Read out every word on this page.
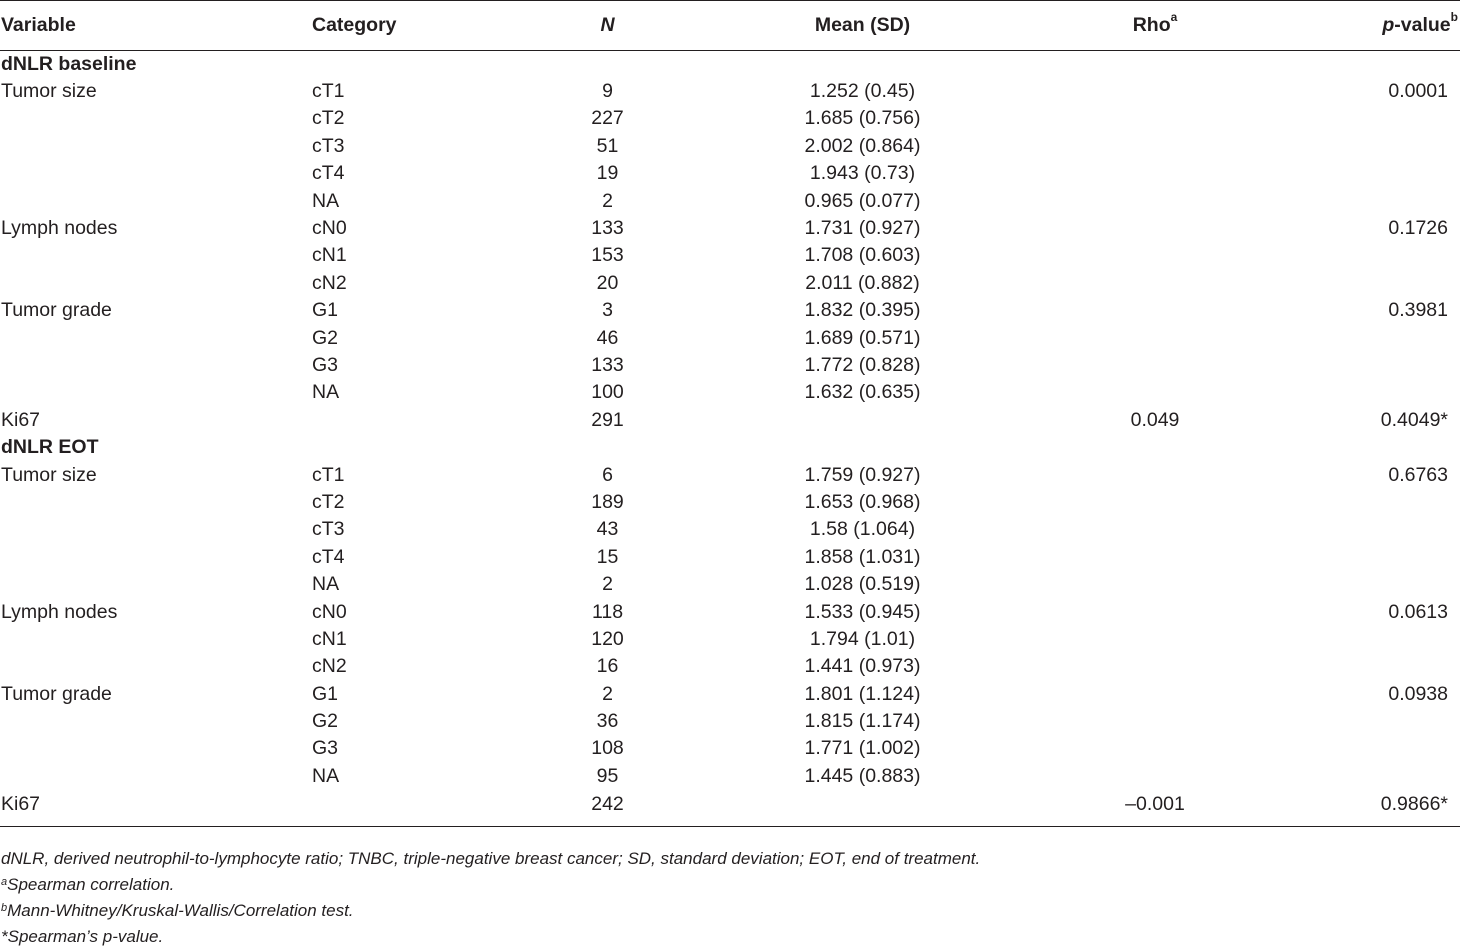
Variable	Category	N	Mean (SD)	Rho$^a$	p-value$^b$
dNLR baseline					
Tumor size	cT1	9	1.252 (0.45)		0.0001
	cT2	227	1.685 (0.756)		
	cT3	51	2.002 (0.864)		
	cT4	19	1.943 (0.73)		
	NA	2	0.965 (0.077)		
Lymph nodes	cN0	133	1.731 (0.927)		0.1726
	cN1	153	1.708 (0.603)		
	cN2	20	2.011 (0.882)		
Tumor grade	G1	3	1.832 (0.395)		0.3981
	G2	46	1.689 (0.571)		
	G3	133	1.772 (0.828)		
	NA	100	1.632 (0.635)		
Ki67		291		0.049	0.4049*
dNLR EOT					
Tumor size	cT1	6	1.759 (0.927)		0.6763
	cT2	189	1.653 (0.968)		
	cT3	43	1.58 (1.064)		
	cT4	15	1.858 (1.031)		
	NA	2	1.028 (0.519)		
Lymph nodes	cN0	118	1.533 (0.945)		0.0613
	cN1	120	1.794 (1.01)		
	cN2	16	1.441 (0.973)		
Tumor grade	G1	2	1.801 (1.124)		0.0938
	G2	36	1.815 (1.174)		
	G3	108	1.771 (1.002)		
	NA	95	1.445 (0.883)		
Ki67		242		–0.001	0.9866*
dNLR, derived neutrophil-to-lymphocyte ratio; TNBC, triple-negative breast cancer; SD, standard deviation; EOT, end of treatment.
$^a$Spearman correlation.
$^b$Mann-Whitney/Kruskal-Wallis/Correlation test.
*Spearman’s p-value.
